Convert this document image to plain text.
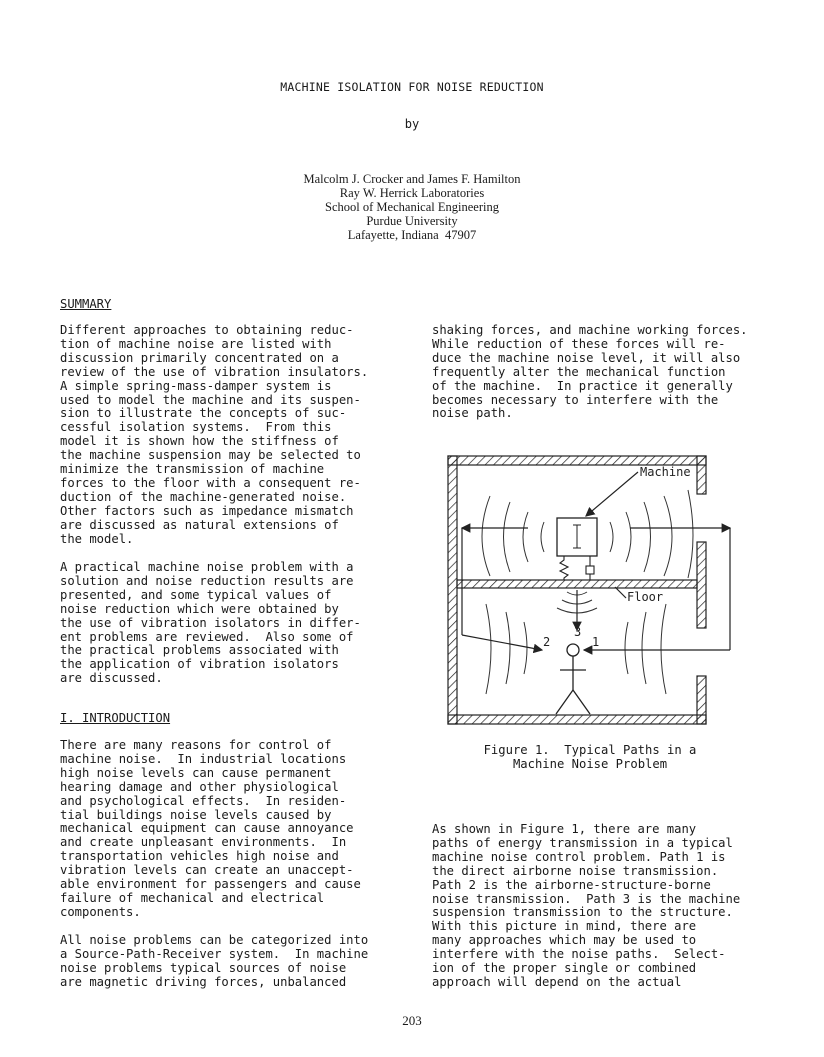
MACHINE ISOLATION FOR NOISE REDUCTION
by
Malcolm J. Crocker and James F. Hamilton
Ray W. Herrick Laboratories
School of Mechanical Engineering
Purdue University
Lafayette, Indiana  47907
SUMMARY
Different approaches to obtaining reduc-
tion of machine noise are listed with
discussion primarily concentrated on a
review of the use of vibration insulators.
A simple spring-mass-damper system is
used to model the machine and its suspen-
sion to illustrate the concepts of suc-
cessful isolation systems.  From this
model it is shown how the stiffness of
the machine suspension may be selected to
minimize the transmission of machine
forces to the floor with a consequent re-
duction of the machine-generated noise.
Other factors such as impedance mismatch
are discussed as natural extensions of
the model.
A practical machine noise problem with a
solution and noise reduction results are
presented, and some typical values of
noise reduction which were obtained by
the use of vibration isolators in differ-
ent problems are reviewed.  Also some of
the practical problems associated with
the application of vibration isolators
are discussed.
I. INTRODUCTION
There are many reasons for control of
machine noise.  In industrial locations
high noise levels can cause permanent
hearing damage and other physiological
and psychological effects.  In residen-
tial buildings noise levels caused by
mechanical equipment can cause annoyance
and create unpleasant environments.  In
transportation vehicles high noise and
vibration levels can create an unaccept-
able environment for passengers and cause
failure of mechanical and electrical
components.
All noise problems can be categorized into
a Source-Path-Receiver system.  In machine
noise problems typical sources of noise
are magnetic driving forces, unbalanced
shaking forces, and machine working forces.
While reduction of these forces will re-
duce the machine noise level, it will also
frequently alter the mechanical function
of the machine.  In practice it generally
becomes necessary to interfere with the
noise path.
Machine
Floor
2
3
1
Figure 1.  Typical Paths in a
Machine Noise Problem
As shown in Figure 1, there are many
paths of energy transmission in a typical
machine noise control problem. Path 1 is
the direct airborne noise transmission.
Path 2 is the airborne-structure-borne
noise transmission.  Path 3 is the machine
suspension transmission to the structure.
With this picture in mind, there are
many approaches which may be used to
interfere with the noise paths.  Select-
ion of the proper single or combined
approach will depend on the actual
203
